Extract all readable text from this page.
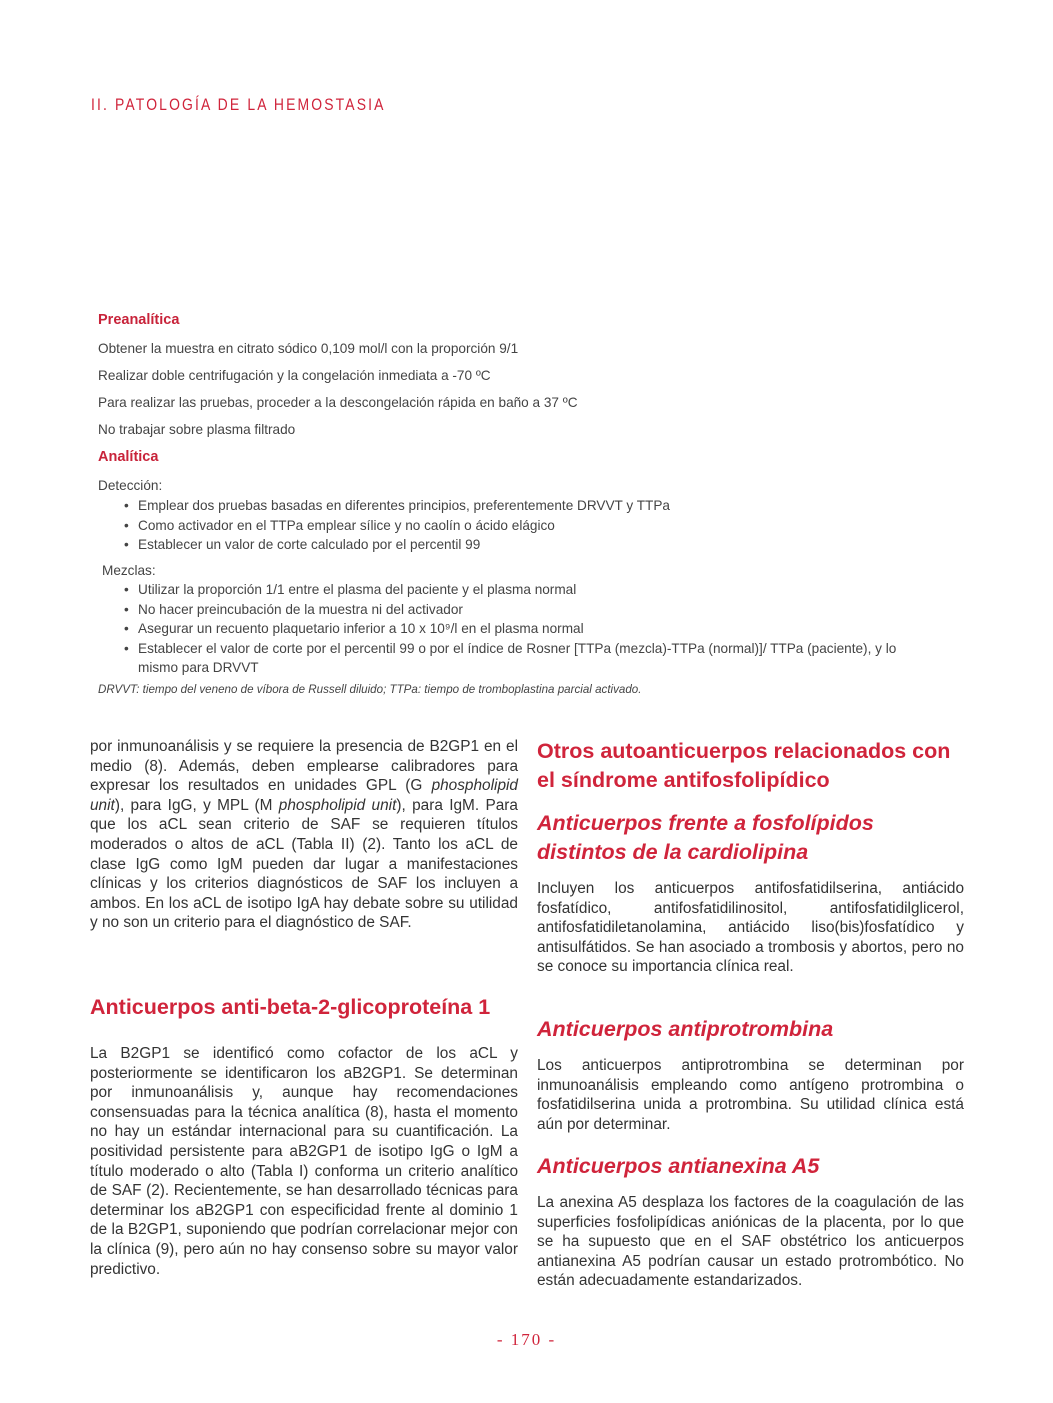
II. PATOLOGÍA DE LA HEMOSTASIA
Preanalítica
Obtener la muestra en citrato sódico 0,109 mol/l con la proporción 9/1
Realizar doble centrifugación y la congelación inmediata a -70 ºC
Para realizar las pruebas, proceder a la descongelación rápida en baño a 37 ºC
No trabajar sobre plasma filtrado
Analítica
Detección:
• Emplear dos pruebas basadas en diferentes principios, preferentemente DRVVT y TTPa
• Como activador en el TTPa emplear sílice y no caolín o ácido elágico
• Establecer un valor de corte calculado por el percentil 99
Mezclas:
• Utilizar la proporción 1/1 entre el plasma del paciente y el plasma normal
• No hacer preincubación de la muestra ni del activador
• Asegurar un recuento plaquetario inferior a 10 x 10⁹/l en el plasma normal
• Establecer el valor de corte por el percentil 99 o por el índice de Rosner [TTPa (mezcla)-TTPa (normal)]/ TTPa (paciente), y lo mismo para DRVVT
DRVVT: tiempo del veneno de víbora de Russell diluido; TTPa: tiempo de tromboplastina parcial activado.

por inmunoanálisis y se requiere la presencia de B2GP1 en el medio (8). Además, deben emplearse calibradores para expresar los resultados en unidades GPL (G phospholipid unit), para IgG, y MPL (M phospholipid unit), para IgM. Para que los aCL sean criterio de SAF se requieren títulos moderados o altos de aCL (Tabla II) (2). Tanto los aCL de clase IgG como IgM pueden dar lugar a manifestaciones clínicas y los criterios diagnósticos de SAF los incluyen a ambos. En los aCL de isotipo IgA hay debate sobre su utilidad y no son un criterio para el diagnóstico de SAF.

Anticuerpos anti-beta-2-glicoproteína 1

La B2GP1 se identificó como cofactor de los aCL y posteriormente se identificaron los aB2GP1. Se determinan por inmunoanálisis y, aunque hay recomendaciones consensuadas para la técnica analítica (8), hasta el momento no hay un estándar internacional para su cuantificación. La positividad persistente para aB2GP1 de isotipo IgG o IgM a título moderado o alto (Tabla I) conforma un criterio analítico de SAF (2). Recientemente, se han desarrollado técnicas para determinar los aB2GP1 con especificidad frente al dominio 1 de la B2GP1, suponiendo que podrían correlacionar mejor con la clínica (9), pero aún no hay consenso sobre su mayor valor predictivo.

Otros autoanticuerpos relacionados con el síndrome antifosfolipídico
Anticuerpos frente a fosfolípidos distintos de la cardiolipina

Incluyen los anticuerpos antifosfatidilserina, antiácido fosfatídico, antifosfatidilinositol, antifosfatidilglicerol, antifosfatidiletanolamina, antiácido liso(bis)fosfatídico y antisulfátidos. Se han asociado a trombosis y abortos, pero no se conoce su importancia clínica real.

Anticuerpos antiprotrombina

Los anticuerpos antiprotrombina se determinan por inmunoanálisis empleando como antígeno protrombina o fosfatidilserina unida a protrombina. Su utilidad clínica está aún por determinar.

Anticuerpos antianexina A5

La anexina A5 desplaza los factores de la coagulación de las superficies fosfolipídicas aniónicas de la placenta, por lo que se ha supuesto que en el SAF obstétrico los anticuerpos antianexina A5 podrían causar un estado protrombótico. No están adecuadamente estandarizados.

- 170 -
